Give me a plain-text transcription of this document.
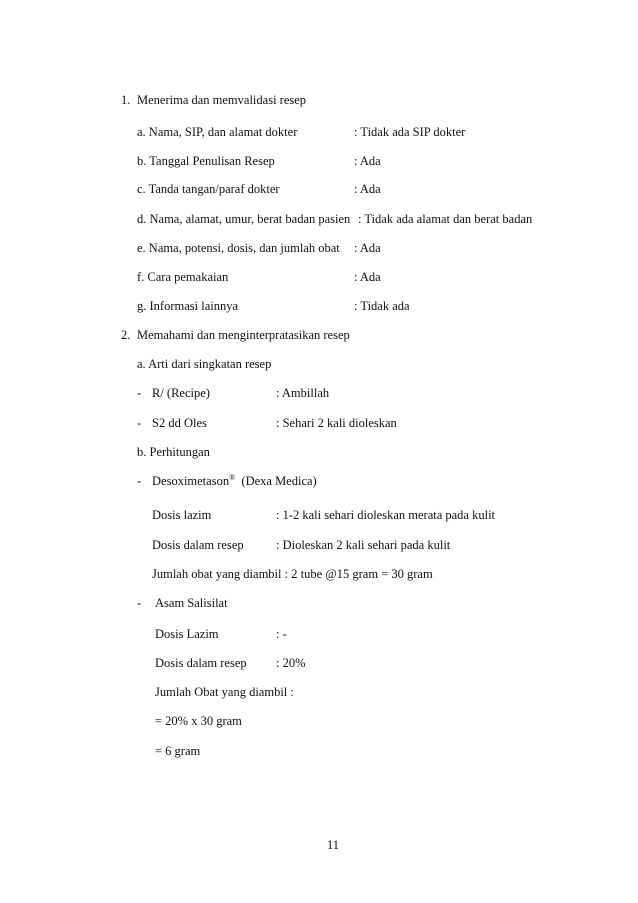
1. Menerima dan memvalidasi resep
a. Nama, SIP, dan alamat dokter	: Tidak ada SIP dokter
b. Tanggal Penulisan Resep	: Ada
c. Tanda tangan/paraf dokter	: Ada
d. Nama, alamat, umur, berat badan pasien : Tidak ada alamat dan berat badan
e. Nama, potensi, dosis, dan jumlah obat : Ada
f. Cara pemakaian	: Ada
g. Informasi lainnya	: Tidak ada
2. Memahami dan menginterpratasikan resep
a. Arti dari singkatan resep
- R/ (Recipe)	: Ambillah
- S2 dd Oles	: Sehari 2 kali dioleskan
b. Perhitungan
- Desoximetason® (Dexa Medica)
Dosis lazim	: 1-2 kali sehari dioleskan merata pada kulit
Dosis dalam resep	: Dioleskan 2 kali sehari pada kulit
Jumlah obat yang diambil : 2 tube @15 gram = 30 gram
- Asam Salisilat
Dosis Lazim	: -
Dosis dalam resep : 20%
Jumlah Obat yang diambil :
= 20% x 30 gram
= 6 gram
11
